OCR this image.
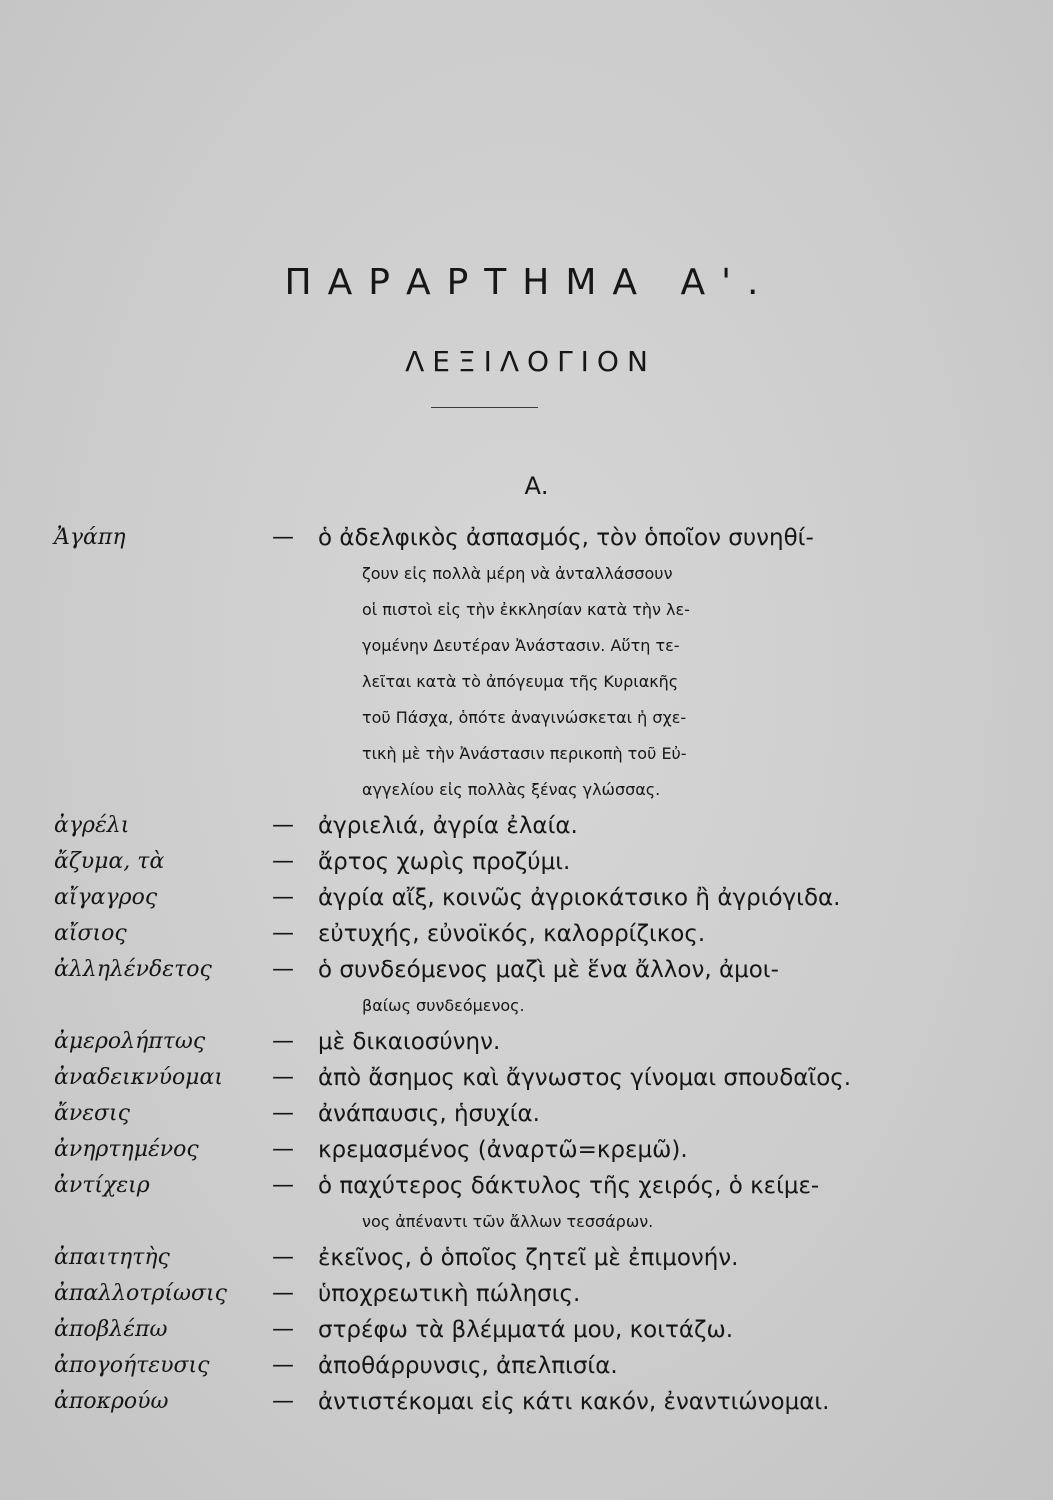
ΠΑΡΑΡΤΗΜΑ Α'.
ΛΕΞΙΛΟΓΙΟΝ
Α.
Ἀγάπη	— ὁ ἀδελφικὸς ἀσπασμός, τὸν ὁποῖον συνηθί-
ζουν εἰς πολλὰ μέρη νὰ ἀνταλλάσσουν
οἱ πιστοὶ εἰς τὴν ἐκκλησίαν κατὰ τὴν λε-
γομένην Δευτέραν Ἀνάστασιν. Αὕτη τε-
λεῖται κατὰ τὸ ἀπόγευμα τῆς Κυριακῆς
τοῦ Πάσχα, ὁπότε ἀναγινώσκεται ἡ σχε-
τικὴ μὲ τὴν Ἀνάστασιν περικοπὴ τοῦ Εὐ-
αγγελίου εἰς πολλὰς ξένας γλώσσας.
ἀγρέλι	— ἀγριελιά, ἀγρία ἐλαία.
ἄζυμα, τὰ	— ἄρτος χωρὶς προζύμι.
αἴγαγρος	— ἀγρία αἴξ, κοινῶς ἀγριοκάτσικο ἢ ἀγριόγιδα.
αἴσιος	— εὐτυχής, εὐνοϊκός, καλορρίζικος.
ἀλληλένδετος	— ὁ συνδεόμενος μαζὶ μὲ ἕνα ἄλλον, ἀμοι-
βαίως συνδεόμενος.
ἀμερολήπτως	— μὲ δικαιοσύνην.
ἀναδεικνύομαι — ἀπὸ ἄσημος καὶ ἄγνωστος γίνομαι σπουδαῖος.
ἄνεσις	— ἀνάπαυσις, ἡσυχία.
ἀνηρτημένος	— κρεμασμένος (ἀναρτῶ=κρεμῶ).
ἀντίχειρ	— ὁ παχύτερος δάκτυλος τῆς χειρός, ὁ κείμε-
νος ἀπέναντι τῶν ἄλλων τεσσάρων.
ἀπαιτητὴς	— ἐκεῖνος, ὁ ὁποῖος ζητεῖ μὲ ἐπιμονήν.
ἀπαλλοτρίωσις — ὑποχρεωτικὴ πώλησις.
ἀποβλέπω	— στρέφω τὰ βλέμματά μου, κοιτάζω.
ἀπογοήτευσις	— ἀποθάρρυνσις, ἀπελπισία.
ἀποκρούω	— ἀντιστέκομαι εἰς κάτι κακόν, ἐναντιώνομαι.
